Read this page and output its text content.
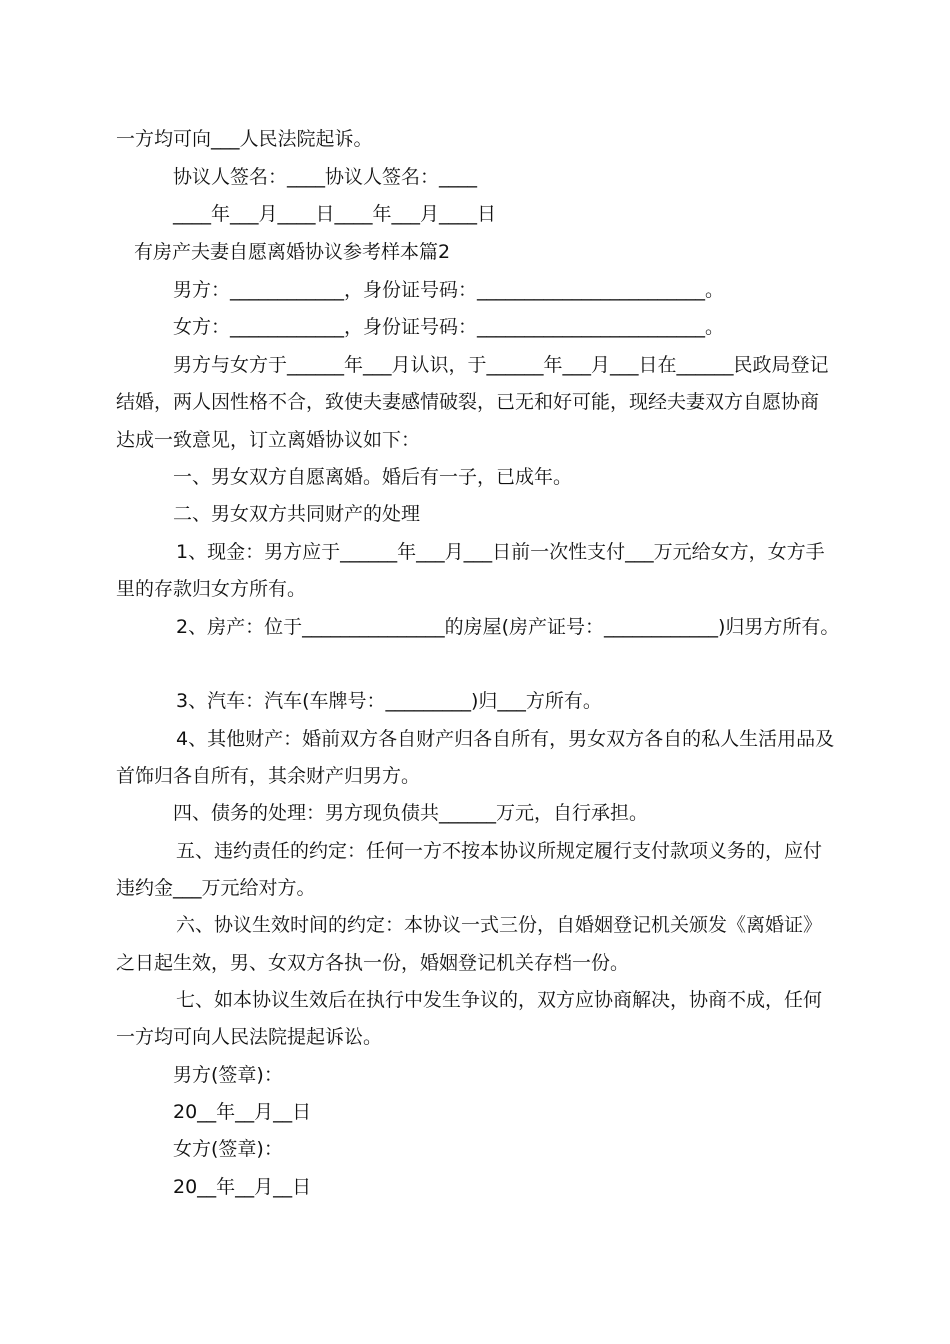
一方均可向___人民法院起诉。
协议人签名：____协议人签名：____
____年___月____日____年___月____日
有房产夫妻自愿离婚协议参考样本篇2
男方：____________，身份证号码：________________________。
女方：____________，身份证号码：________________________。
男方与女方于______年___月认识，于______年___月___日在______民政局登记
结婚，两人因性格不合，致使夫妻感情破裂，已无和好可能，现经夫妻双方自愿协商
达成一致意见，订立离婚协议如下：
一、男女双方自愿离婚。婚后有一子，已成年。
二、男女双方共同财产的处理
1、现金：男方应于______年___月___日前一次性支付___万元给女方，女方手
里的存款归女方所有。
2、房产：位于_______________的房屋(房产证号：____________)归男方所有。
3、汽车：汽车(车牌号：_________)归___方所有。
4、其他财产：婚前双方各自财产归各自所有，男女双方各自的私人生活用品及
首饰归各自所有，其余财产归男方。
四、债务的处理：男方现负债共______万元，自行承担。
五、违约责任的约定：任何一方不按本协议所规定履行支付款项义务的，应付
违约金___万元给对方。
六、协议生效时间的约定：本协议一式三份，自婚姻登记机关颁发《离婚证》
之日起生效，男、女双方各执一份，婚姻登记机关存档一份。
七、如本协议生效后在执行中发生争议的，双方应协商解决，协商不成，任何
一方均可向人民法院提起诉讼。
男方(签章)：
20__年__月__日
女方(签章)：
20__年__月__日
